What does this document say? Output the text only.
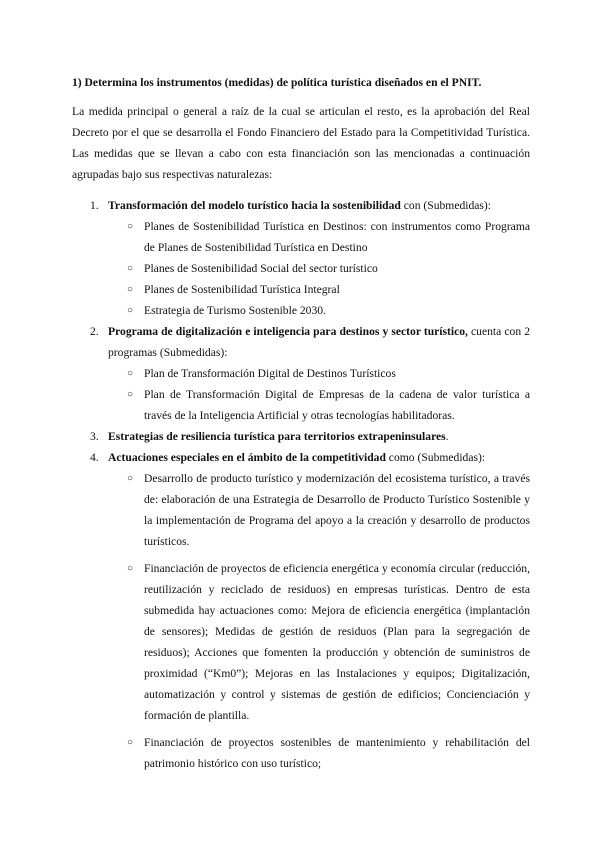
1) Determina los instrumentos (medidas) de política turística diseñados en el PNIT.

La medida principal o general a raíz de la cual se articulan el resto, es la aprobación del Real Decreto por el que se desarrolla el Fondo Financiero del Estado para la Competitividad Turística. Las medidas que se llevan a cabo con esta financiación son las mencionadas a continuación agrupadas bajo sus respectivas naturalezas:

1. Transformación del modelo turístico hacia la sostenibilidad con (Submedidas):
○ Planes de Sostenibilidad Turística en Destinos: con instrumentos como Programa de Planes de Sostenibilidad Turística en Destino
○ Planes de Sostenibilidad Social del sector turístico
○ Planes de Sostenibilidad Turística Integral
○ Estrategia de Turismo Sostenible 2030.
2. Programa de digitalización e inteligencia para destinos y sector turístico, cuenta con 2 programas (Submedidas):
○ Plan de Transformación Digital de Destinos Turísticos
○ Plan de Transformación Digital de Empresas de la cadena de valor turística a través de la Inteligencia Artificial y otras tecnologías habilitadoras.
3. Estrategias de resiliencia turística para territorios extrapeninsulares.
4. Actuaciones especiales en el ámbito de la competitividad como (Submedidas):
○ Desarrollo de producto turístico y modernización del ecosistema turístico, a través de: elaboración de una Estrategia de Desarrollo de Producto Turístico Sostenible y la implementación de Programa del apoyo a la creación y desarrollo de productos turísticos.
○ Financiación de proyectos de eficiencia energética y economía circular (reducción, reutilización y reciclado de residuos) en empresas turísticas. Dentro de esta submedida hay actuaciones como: Mejora de eficiencia energética (implantación de sensores); Medidas de gestión de residuos (Plan para la segregación de residuos); Acciones que fomenten la producción y obtención de suministros de proximidad (“Km0”); Mejoras en las Instalaciones y equipos; Digitalización, automatización y control y sistemas de gestión de edificios; Concienciación y formación de plantilla.
○ Financiación de proyectos sostenibles de mantenimiento y rehabilitación del patrimonio histórico con uso turístico;
